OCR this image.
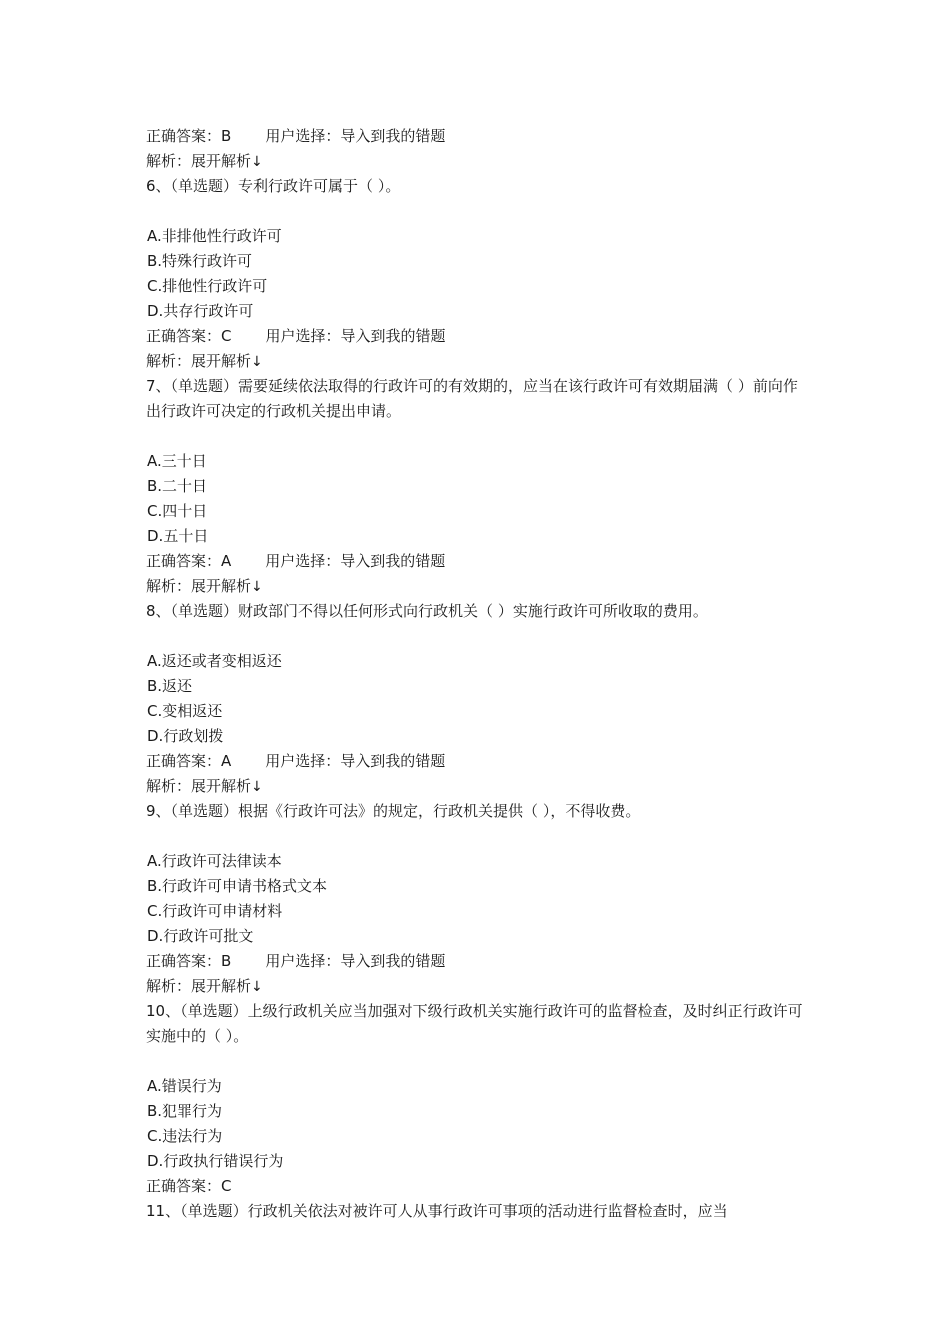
正确答案：B 用户选择：导入到我的错题
解析：展开解析↓
6、（单选题）专利行政许可属于（ ）。
A.非排他性行政许可
B.特殊行政许可
C.排他性行政许可
D.共存行政许可
正确答案：C 用户选择：导入到我的错题
解析：展开解析↓
7、（单选题）需要延续依法取得的行政许可的有效期的，应当在该行政许可有效期届满（ ）前向作出行政许可决定的行政机关提出申请。
A.三十日
B.二十日
C.四十日
D.五十日
正确答案：A 用户选择：导入到我的错题
解析：展开解析↓
8、（单选题）财政部门不得以任何形式向行政机关（ ）实施行政许可所收取的费用。
A.返还或者变相返还
B.返还
C.变相返还
D.行政划拨
正确答案：A 用户选择：导入到我的错题
解析：展开解析↓
9、（单选题）根据《行政许可法》的规定，行政机关提供（ ），不得收费。
A.行政许可法律读本
B.行政许可申请书格式文本
C.行政许可申请材料
D.行政许可批文
正确答案：B 用户选择：导入到我的错题
解析：展开解析↓
10、（单选题）上级行政机关应当加强对下级行政机关实施行政许可的监督检查，及时纠正行政许可实施中的（ ）。
A.错误行为
B.犯罪行为
C.违法行为
D.行政执行错误行为
正确答案：C
11、（单选题）行政机关依法对被许可人从事行政许可事项的活动进行监督检查时，应当
